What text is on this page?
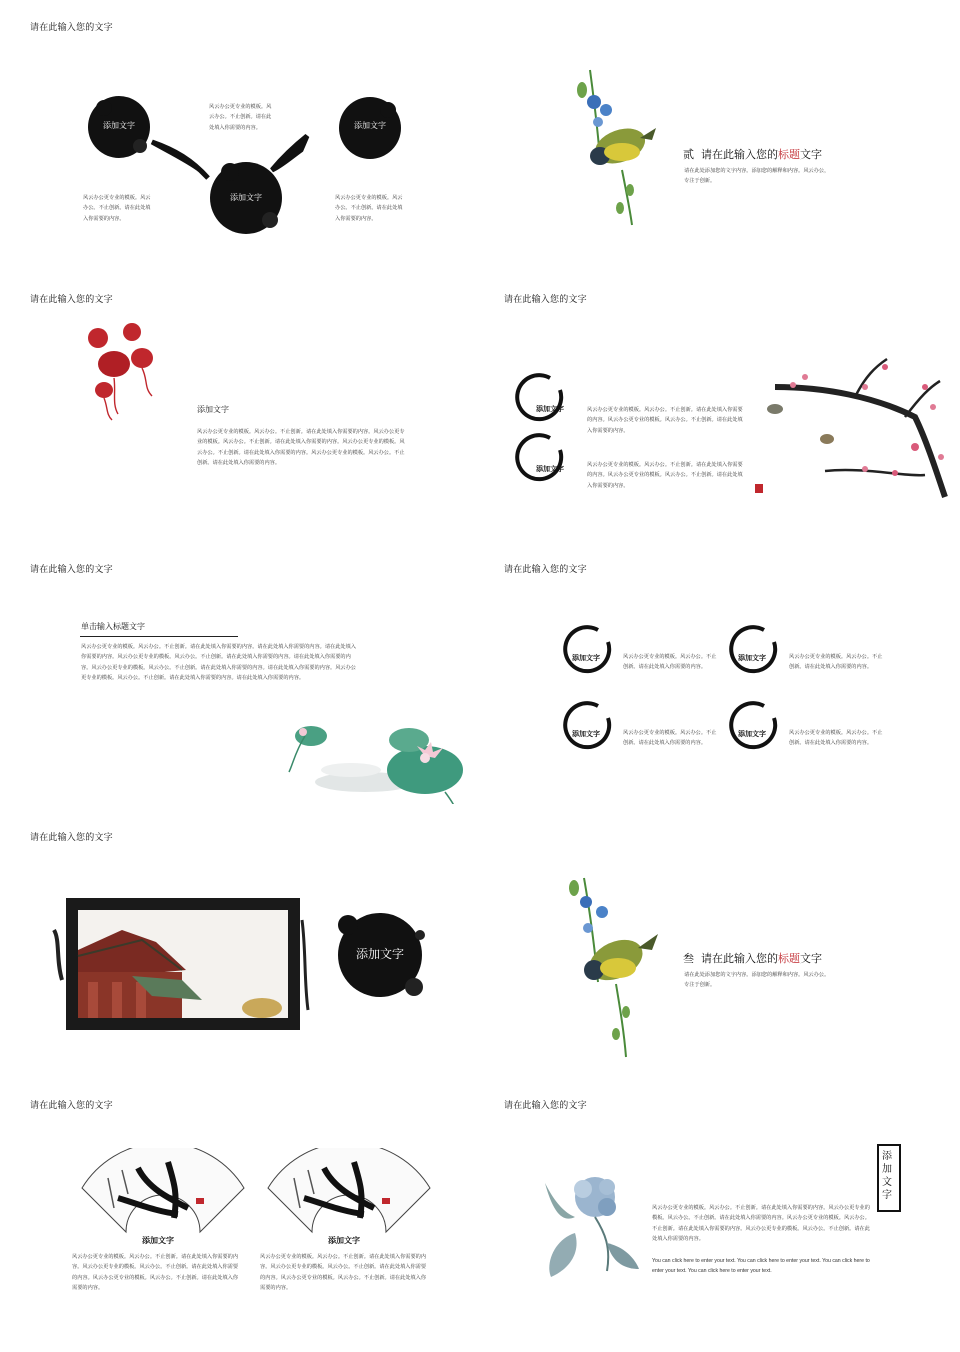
请在此输入您的文字
添加文字
添加文字
添加文字
风云办公更专业的模板。风云办公。不止创新。请在此处填入你需要的内容。
风云办公更专业的模板。风云办公。不止创新。请在此处填入你需要的内容。
风云办公更专业的模板。风云办公。不止创新。请在此处填入你需要的内容。
贰 请在此输入您的标题文字
请在此处添加您的文字内容。添加您的解释和内容。风云办公，专注于创新。
请在此输入您的文字
添加文字
风云办公更专业的模板。风云办公。不止创新。请在此处填入你需要的内容。风云办公更专业的模板。风云办公。不止创新。请在此处填入你需要的内容。风云办公更专业的模板。风云办公。不止创新。请在此处填入你需要的内容。风云办公更专业的模板。风云办公。不止创新。请在此处填入你需要的内容。
请在此输入您的文字
添加文字
添加文字
风云办公更专业的模板。风云办公。不止创新。请在此处填入你需要的内容。风云办公更专业的模板。风云办公。不止创新。请在此处填入你需要的内容。
风云办公更专业的模板。风云办公。不止创新。请在此处填入你需要的内容。风云办公更专业的模板。风云办公。不止创新。请在此处填入你需要的内容。
请在此输入您的文字
单击输入标题文字
风云办公更专业的模板。风云办公。不止创新。请在此处填入你需要的内容。请在此处填入你需要的内容。请在此处填入你需要的内容。风云办公更专业的模板。风云办公。不止创新。请在此处填入你需要的内容。请在此处填入你需要的内容。风云办公更专业的模板。风云办公。不止创新。请在此处填入你需要的内容。请在此处填入你需要的内容。风云办公更专业的模板。风云办公。不止创新。请在此处填入你需要的内容。请在此处填入你需要的内容。
请在此输入您的文字
添加文字	风云办公更专业的模板。风云办公。不止创新。请在此处填入你需要的内容。
添加文字	风云办公更专业的模板。风云办公。不止创新。请在此处填入你需要的内容。
添加文字	风云办公更专业的模板。风云办公。不止创新。请在此处填入你需要的内容。
添加文字	风云办公更专业的模板。风云办公。不止创新。请在此处填入你需要的内容。
请在此输入您的文字
添加文字	叁 请在此输入您的标题文字
请在此处添加您的文字内容。添加您的解释和内容。风云办公。专注于创新。
请在此输入您的文字
添加文字
风云办公更专业的模板。风云办公。不止创新。请在此处填入你需要的内容。风云办公更专业的模板。风云办公。不止创新。请在此处填入你需要的内容。风云办公更专业的模板。风云办公。不止创新。请在此处填入你需要的内容。
添加文字
风云办公更专业的模板。风云办公。不止创新。请在此处填入你需要的内容。风云办公更专业的模板。风云办公。不止创新。请在此处填入你需要的内容。风云办公更专业的模板。风云办公。不止创新。请在此处填入你需要的内容。
请在此输入您的文字
风云办公更专业的模板。风云办公。不止创新。请在此处填入你需要的内容。风云办公更专业的模板。风云办公。不止创新。请在此处填入你需要的内容。风云办公更专业的模板。风云办公。不止创新。请在此处填入你需要的内容。风云办公更专业的模板。风云办公。不止创新。请在此处填入你需要的内容。
You can click here to enter your text. You can click here to enter your text. You can click here to enter your text. You can click here to enter your text.
添加文字
